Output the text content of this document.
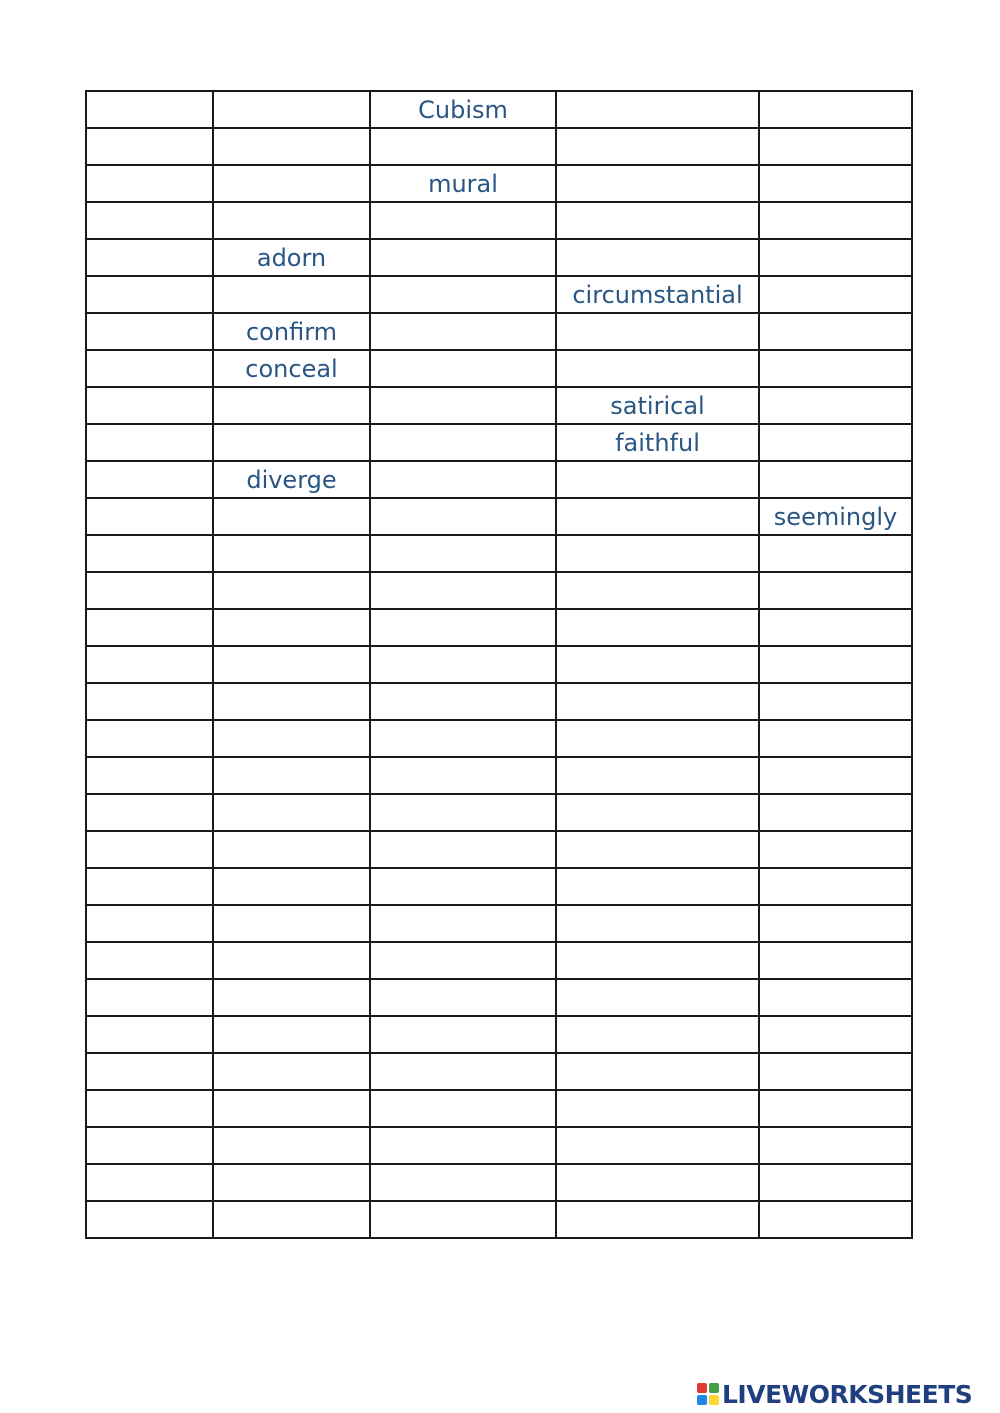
		Cubism		

		mural		

	adorn			
			circumstantial	
	confirm			
	conceal			
			satirical	
			faithful	
	diverge			
				seemingly

LIVEWORKSHEETS
